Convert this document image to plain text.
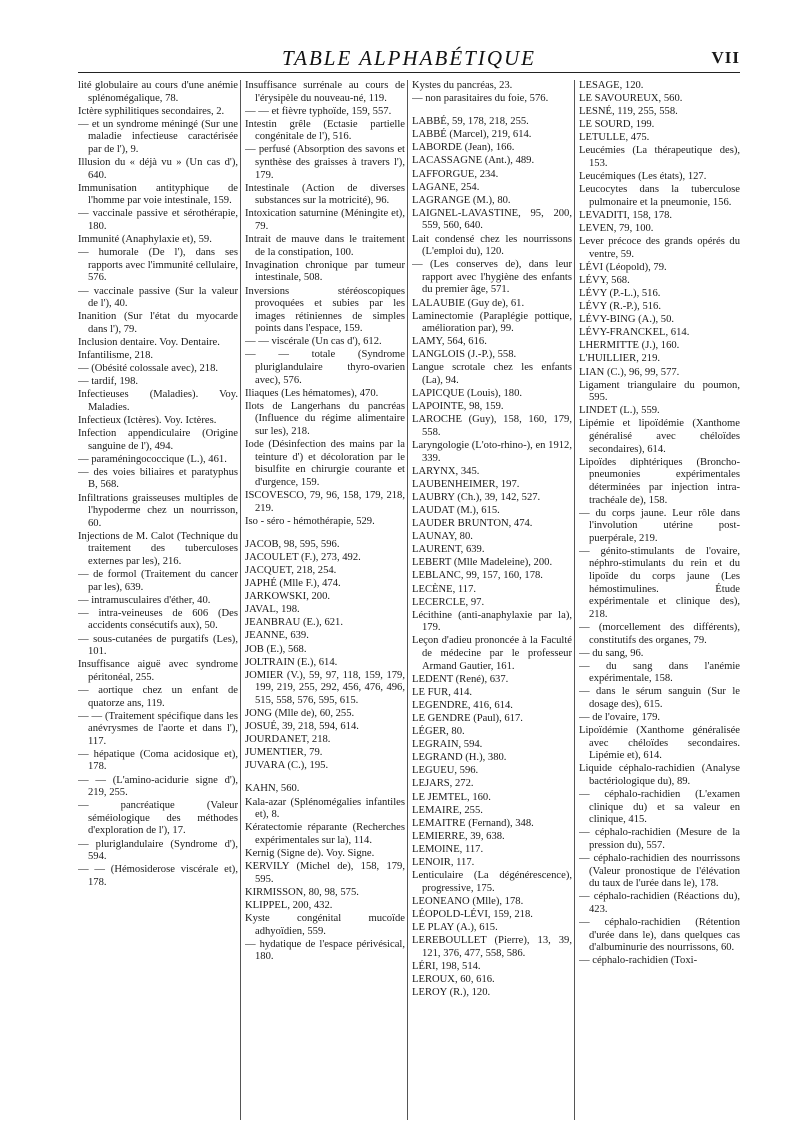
TABLE ALPHABÉTIQUE	VII
lité globulaire au cours d'une anémie splénomégalique, 78.
Ictère syphilitiques secondaires, 2.
— et un syndrome méningé (Sur une maladie infectieuse caractérisée par de l'), 9.
Illusion du « déjà vu » (Un cas d'), 640.
Immunisation antityphique de l'homme par voie intestinale, 159.
— vaccinale passive et sérothérapie, 180.
Immunité (Anaphylaxie et), 59.
— humorale (De l'), dans ses rapports avec l'immunité cellulaire, 576.
— vaccinale passive (Sur la valeur de l'), 40.
Inanition (Sur l'état du myocarde dans l'), 79.
Inclusion dentaire. Voy. Dentaire.
Infantilisme, 218.
— (Obésité colossale avec), 218.
— tardif, 198.
Infectieuses (Maladies). Voy. Maladies.
Infectieux (Ictères). Voy. Ictères.
Infection appendiculaire (Origine sanguine de l'), 494.
— paraméningococcique (L.), 461.
— des voies biliaires et paratyphus B, 568.
Infiltrations graisseuses multiples de l'hypoderme chez un nourrisson, 60.
Injections de M. Calot (Technique du traitement des tuberculoses externes par les), 216.
— de formol (Traitement du cancer par les), 639.
— intramusculaires d'éther, 40.
— intra-veineuses de 606 (Des accidents consécutifs aux), 50.
— sous-cutanées de purgatifs (Les), 101.
Insuffisance aiguë avec syndrome péritonéal, 255.
— aortique chez un enfant de quatorze ans, 119.
— — (Traitement spécifique dans les anévrysmes de l'aorte et dans l'), 117.
— hépatique (Coma acidosique et), 178.
— — (L'amino-acidurie signe d'), 219, 255.
— pancréatique (Valeur séméiologique des méthodes d'exploration de l'), 17.
— pluriglandulaire (Syndrome d'), 594.
— — (Hémosiderose viscérale et), 178.
Insuffisance surrénale au cours de l'érysipèle du nouveau-né, 119.
— — et fièvre typhoïde, 159, 557.
Intestin grêle (Ectasie partielle congénitale de l'), 516.
— perfusé (Absorption des savons et synthèse des graisses à travers l'), 179.
Intestinale (Action de diverses substances sur la motricité), 96.
Intoxication saturnine (Méningite et), 79.
Intrait de mauve dans le traitement de la constipation, 100.
Invagination chronique par tumeur intestinale, 508.
Inversions stéréoscopiques provoquées et subies par les images rétiniennes de simples points dans l'espace, 159.
— — viscérale (Un cas d'), 612.
— — totale (Syndrome pluriglandulaire thyro-ovarien avec), 576.
Iliaques (Les hématomes), 470.
Ilots de Langerhans du pancréas (Influence du régime alimentaire sur les), 218.
Iode (Désinfection des mains par la teinture d') et décoloration par le bisulfite en chirurgie courante et d'urgence, 159.
ISCOVESCO, 79, 96, 158, 179, 218, 219.
Iso - séro - hémothérapie, 529.
JACOB, 98, 595, 596.
JACOULET (F.), 273, 492.
JACQUET, 218, 254.
JAPHÉ (Mlle F.), 474.
JARKOWSKI, 200.
JAVAL, 198.
JEANBRAU (E.), 621.
JEANNE, 639.
JOB (E.), 568.
JOLTRAIN (E.), 614.
JOMIER (V.), 59, 97, 118, 159, 179, 199, 219, 255, 292, 456, 476, 496, 515, 558, 576, 595, 615.
JONG (Mlle de), 60, 255.
JOSUÉ, 39, 218, 594, 614.
JOURDANET, 218.
JUMENTIER, 79.
JUVARA (C.), 195.
KAHN, 560.
Kala-azar (Splénomégalies infantiles et), 8.
Kératectomie réparante (Recherches expérimentales sur la), 114.
Kernig (Signe de). Voy. Signe.
KERVILY (Michel de), 158, 179, 595.
KIRMISSON, 80, 98, 575.
KLIPPEL, 200, 432.
Kyste congénital mucoïde adhyoïdien, 559.
— hydatique de l'espace périvésical, 180.
Kystes du pancréas, 23.
— non parasitaires du foie, 576.
LABBÉ, 59, 178, 218, 255.
LABBÉ (Marcel), 219, 614.
LABORDE (Jean), 166.
LACASSAGNE (Ant.), 489.
LAFFORGUE, 234.
LAGANE, 254.
LAGRANGE (M.), 80.
LAIGNEL-LAVASTINE, 95, 200, 559, 560, 640.
Lait condensé chez les nourrissons (L'emploi du), 120.
— (Les conserves de), dans leur rapport avec l'hygiène des enfants du premier âge, 571.
LALAUBIE (Guy de), 61.
Laminectomie (Paraplégie pottique, amélioration par), 99.
LAMY, 564, 616.
LANGLOIS (J.-P.), 558.
Langue scrotale chez les enfants (La), 94.
LAPICQUE (Louis), 180.
LAPOINTE, 98, 159.
LAROCHE (Guy), 158, 160, 179, 558.
Laryngologie (L'oto-rhino-), en 1912, 339.
LARYNX, 345.
LAUBENHEIMER, 197.
LAUBRY (Ch.), 39, 142, 527.
LAUDAT (M.), 615.
LAUDER BRUNTON, 474.
LAUNAY, 80.
LAURENT, 639.
LEBERT (Mlle Madeleine), 200.
LEBLANC, 99, 157, 160, 178.
LECÈNE, 117.
LECERCLE, 97.
Lécithine (anti-anaphylaxie par la), 179.
Leçon d'adieu prononcée à la Faculté de médecine par le professeur Armand Gautier, 161.
LEDENT (René), 637.
LE FUR, 414.
LEGENDRE, 416, 614.
LE GENDRE (Paul), 617.
LÉGER, 80.
LEGRAIN, 594.
LEGRAND (H.), 380.
LEGUEU, 596.
LEJARS, 272.
LE JEMTEL, 160.
LEMAIRE, 255.
LEMAITRE (Fernand), 348.
LEMIERRE, 39, 638.
LEMOINE, 117.
LENOIR, 117.
Lenticulaire (La dégénérescence), progressive, 175.
LEONEANO (Mlle), 178.
LÉOPOLD-LÉVI, 159, 218.
LE PLAY (A.), 615.
LEREBOULLET (Pierre), 13, 39, 121, 376, 477, 558, 586.
LÉRI, 198, 514.
LEROUX, 60, 616.
LEROY (R.), 120.
LESAGE, 120.
LE SAVOUREUX, 560.
LESNÉ, 119, 255, 558.
LE SOURD, 199.
LETULLE, 475.
Leucémies (La thérapeutique des), 153.
Leucémiques (Les états), 127.
Leucocytes dans la tuberculose pulmonaire et la pneumonie, 156.
LEVADITI, 158, 178.
LEVEN, 79, 100.
Lever précoce des grands opérés du ventre, 59.
LÉVI (Léopold), 79.
LÉVY, 568.
LÉVY (P.-L.), 516.
LÉVY (R.-P.), 516.
LÉVY-BING (A.), 50.
LÉVY-FRANCKEL, 614.
LHERMITTE (J.), 160.
L'HUILLIER, 219.
LIAN (C.), 96, 99, 577.
Ligament triangulaire du poumon, 595.
LINDET (L.), 559.
Lipémie et lipoïdémie (Xanthome généralisé avec chéloïdes secondaires), 614.
Lipoïdes diphtériques (Broncho-pneumonies expérimentales déterminées par injection intra-trachéale de), 158.
— du corps jaune. Leur rôle dans l'involution utérine post-puerpérale, 219.
— génito-stimulants de l'ovaire, néphro-stimulants du rein et du lipoïde du corps jaune (Les hémostimulines. Étude expérimentale et clinique des), 218.
— (morcellement des différents), constitutifs des organes, 79.
— du sang, 96.
— du sang dans l'anémie expérimentale, 158.
— dans le sérum sanguin (Sur le dosage des), 615.
— de l'ovaire, 179.
Lipoïdémie (Xanthome généralisée avec chéloïdes secondaires. Lipémie et), 614.
Liquide céphalo-rachidien (Analyse bactériologique du), 89.
— céphalo-rachidien (L'examen clinique du) et sa valeur en clinique, 415.
— céphalo-rachidien (Mesure de la pression du), 557.
— céphalo-rachidien des nourrissons (Valeur pronostique de l'élévation du taux de l'urée dans le), 178.
— céphalo-rachidien (Réactions du), 423.
— céphalo-rachidien (Rétention d'urée dans le), dans quelques cas d'albuminurie des nourrissons, 60.
— céphalo-rachidien (Toxi-
